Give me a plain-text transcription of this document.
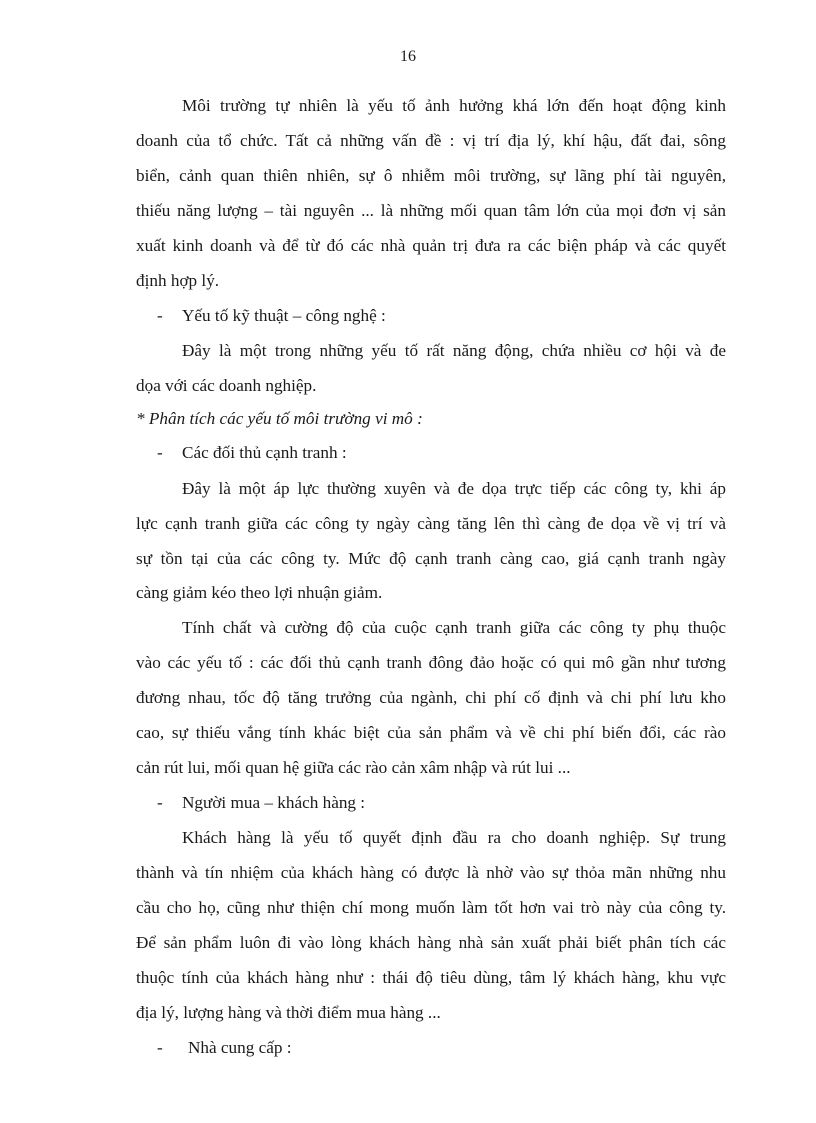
16
Môi trường tự nhiên là yếu tố ảnh hưởng khá lớn đến hoạt động kinh
doanh của tổ chức. Tất cả những vấn đề : vị trí địa lý, khí hậu, đất đai, sông
biển, cảnh quan thiên nhiên, sự ô nhiễm môi trường, sự lãng phí tài nguyên,
thiếu năng lượng – tài nguyên ... là những mối quan tâm lớn của mọi đơn vị sản
xuất kinh doanh và để từ đó các nhà quản trị đưa ra các biện pháp và các quyết
định hợp lý.
- Yếu tố kỹ thuật – công nghệ :
Đây là một trong những yếu tố rất năng động, chứa nhiều cơ hội và đe
dọa với các doanh nghiệp.
* Phân tích các yếu tố môi trường vi mô :
- Các đối thủ cạnh tranh :
Đây là một áp lực thường xuyên và đe dọa trực tiếp các công ty, khi áp
lực cạnh tranh giữa các công ty ngày càng tăng lên thì càng đe dọa về vị trí và
sự tồn tại của các công ty. Mức độ cạnh tranh càng cao, giá cạnh tranh ngày
càng giảm kéo theo lợi nhuận giảm.
Tính chất và cường độ của cuộc cạnh tranh giữa các công ty phụ thuộc
vào các yếu tố : các đối thủ cạnh tranh đông đảo hoặc có qui mô gần như tương
đương nhau, tốc độ tăng trưởng của ngành, chi phí cố định và chi phí lưu kho
cao, sự thiếu vắng tính khác biệt của sản phẩm và về chi phí biến đổi, các rào
cản rút lui, mối quan hệ giữa các rào cản xâm nhập và rút lui ...
- Người mua – khách hàng :
Khách hàng là yếu tố quyết định đầu ra cho doanh nghiệp. Sự trung
thành và tín nhiệm của khách hàng có được là nhờ vào sự thỏa mãn những nhu
cầu cho họ, cũng như thiện chí mong muốn làm tốt hơn vai trò này của công ty.
Để sản phẩm luôn đi vào lòng khách hàng nhà sản xuất phải biết phân tích các
thuộc tính của khách hàng như : thái độ tiêu dùng, tâm lý khách hàng, khu vực
địa lý, lượng hàng và thời điểm mua hàng ...
- Nhà cung cấp :
